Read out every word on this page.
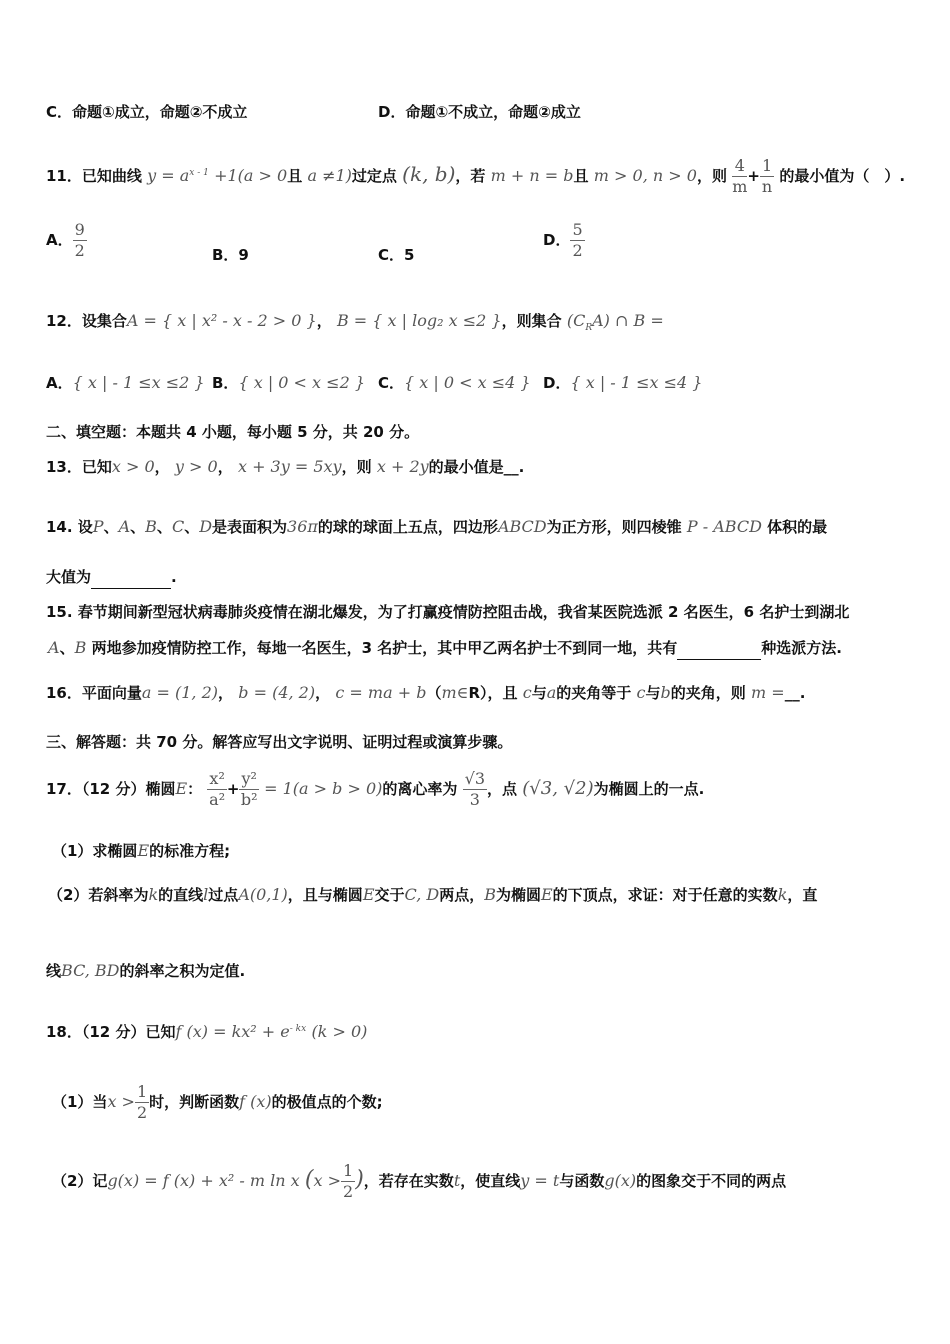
C．命题①成立，命题②不成立	D．命题①不成立，命题②成立
11．已知曲线 $y = a^{x - 1} +1(a > 0$且 a ≠1)过定点 (k, b)，若 m + n = b且 m > 0, n > 0，则 $\frac{4}{m} + \frac{1}{n}$ 的最小值为（　）.
A． $\frac{9}{2}$	B．9	C．5
D． $\frac{5}{2}$
12．设集合A = { x | x² - x - 2 > 0 }， B = { x | log₂ x ≤2 }，则集合 $(C_RA)$ ∩ B =
A．{ x | - 1 ≤x ≤2 } B．{ x | 0 < x ≤2 } C．{ x | 0 < x ≤4 } D．{ x | - 1 ≤x ≤4 }
二、填空题：本题共 4 小题，每小题 5 分，共 20 分。
13．已知x > 0， y > 0， x + 3y = 5xy，则 x + 2y的最小值是__.
14. 设P、A、B、C、D是表面积为36π的球的球面上五点，四边形ABCD为正方形，则四棱锥 P - ABCD 体积的最
大值为	.
15. 春节期间新型冠状病毒肺炎疫情在湖北爆发，为了打赢疫情防控阻击战，我省某医院选派 2 名医生，6 名护士到湖北
A、B 两地参加疫情防控工作，每地一名医生，3 名护士，其中甲乙两名护士不到同一地，共有	种选派方法.
16．平面向量a = (1, 2)， b = (4, 2)， c = ma + b（m∈R），且 c与a的夹角等于 c与b的夹角，则 m =__.
三、解答题：共 70 分。解答应写出文字说明、证明过程或演算步骤。
17．（12 分）椭圆E： $\frac{\text{x²}}{\text{a²}} + \frac{\text{y²}}{\text{b²}} = 1(a > b > 0)$的离心率为 $\frac{√3}{3}$ ，点 (√3, √2)为椭圆上的一点.
（1）求椭圆E的标准方程;
（2）若斜率为k的直线l过点A(0,1)，且与椭圆E交于C, D两点，B为椭圆E的下顶点，求证：对于任意的实数k，直
线BC, BD的斜率之积为定值.
18．（12 分）已知f $(x) = kx^2 + e^{- kx}$ (k > 0)
（1）当$x > \frac{1}{2}$ 时，判断函数f (x)的极值点的个数;
（2）记g(x) = f (x) + x² - m ln x ($x > \frac{1}{2}$ )，若存在实数t，使直线y = t与函数g(x)的图象交于不同的两点
